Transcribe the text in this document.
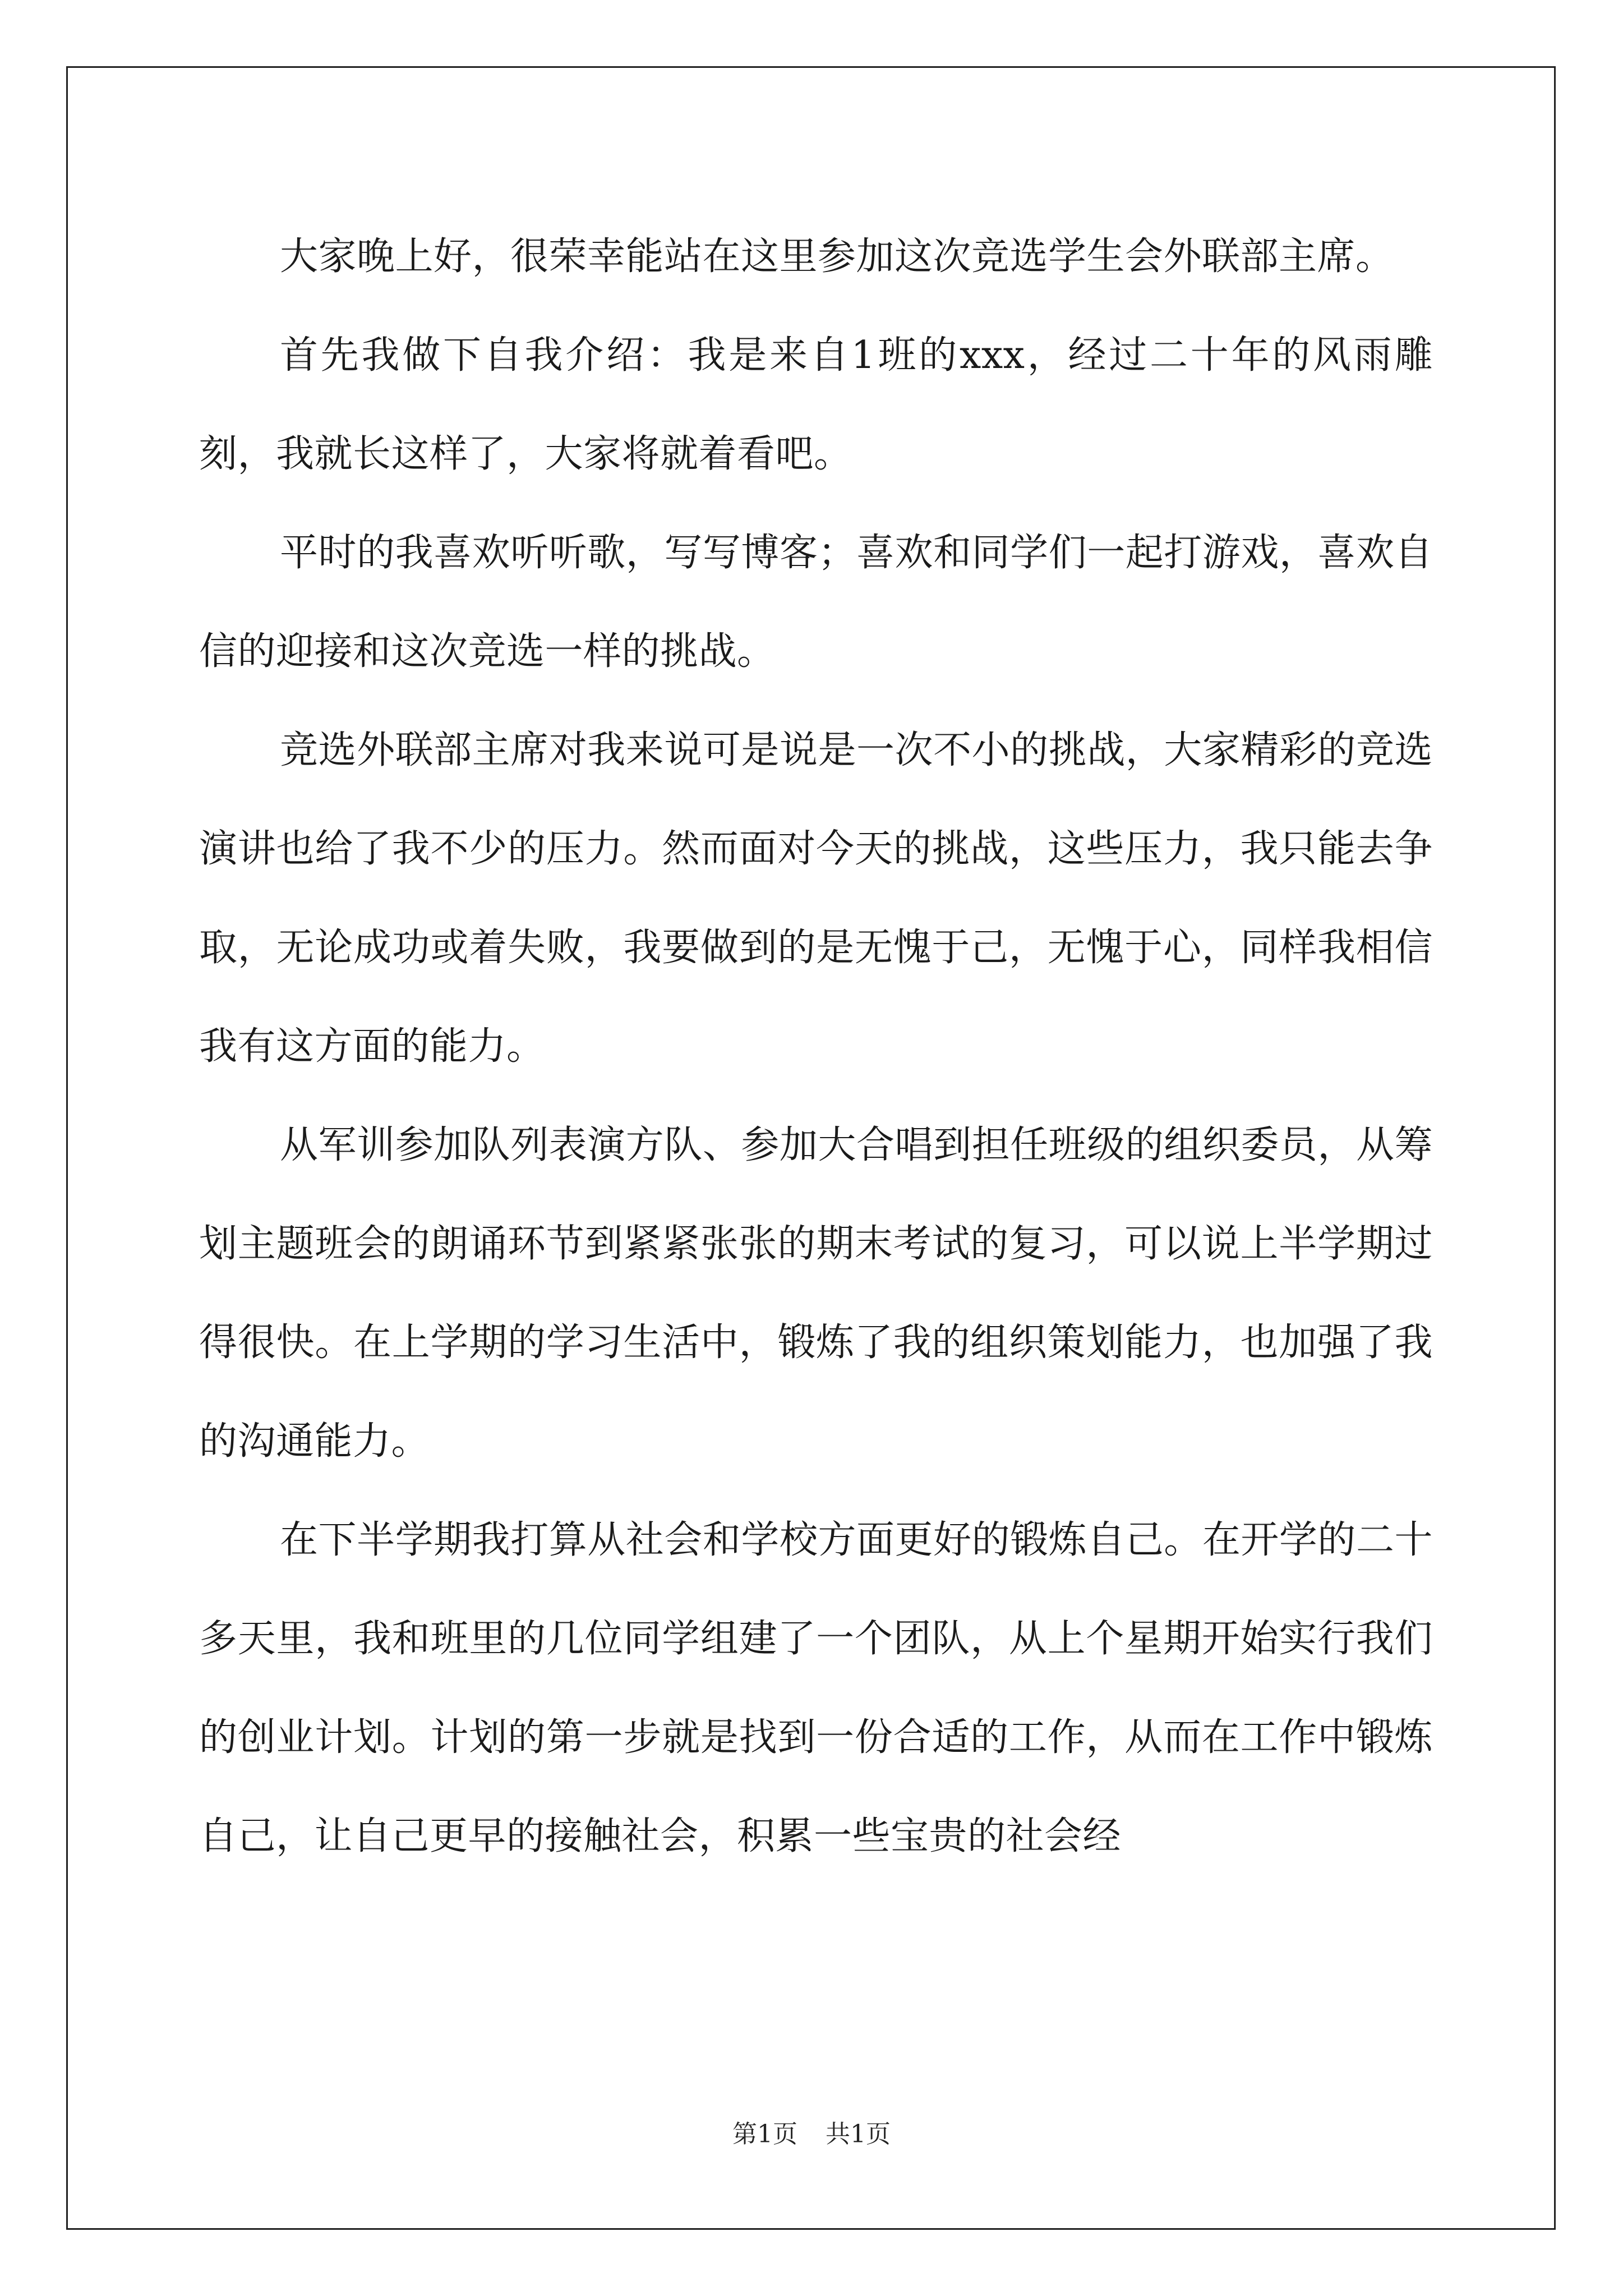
大家晚上好，很荣幸能站在这里参加这次竞选学生会外联部主席。

首先我做下自我介绍：我是来自1班的xxx，经过二十年的风雨雕刻，我就长这样了，大家将就着看吧。

平时的我喜欢听听歌，写写博客；喜欢和同学们一起打游戏，喜欢自信的迎接和这次竞选一样的挑战。

竞选外联部主席对我来说可是说是一次不小的挑战，大家精彩的竞选演讲也给了我不少的压力。然而面对今天的挑战，这些压力，我只能去争取，无论成功或着失败，我要做到的是无愧于己，无愧于心，同样我相信我有这方面的能力。

从军训参加队列表演方队、参加大合唱到担任班级的组织委员，从筹划主题班会的朗诵环节到紧紧张张的期末考试的复习，可以说上半学期过得很快。在上学期的学习生活中，锻炼了我的组织策划能力，也加强了我的沟通能力。

在下半学期我打算从社会和学校方面更好的锻炼自己。在开学的二十多天里，我和班里的几位同学组建了一个团队，从上个星期开始实行我们的创业计划。计划的第一步就是找到一份合适的工作，从而在工作中锻炼自己，让自己更早的接触社会，积累一些宝贵的社会经

第1页 共1页
